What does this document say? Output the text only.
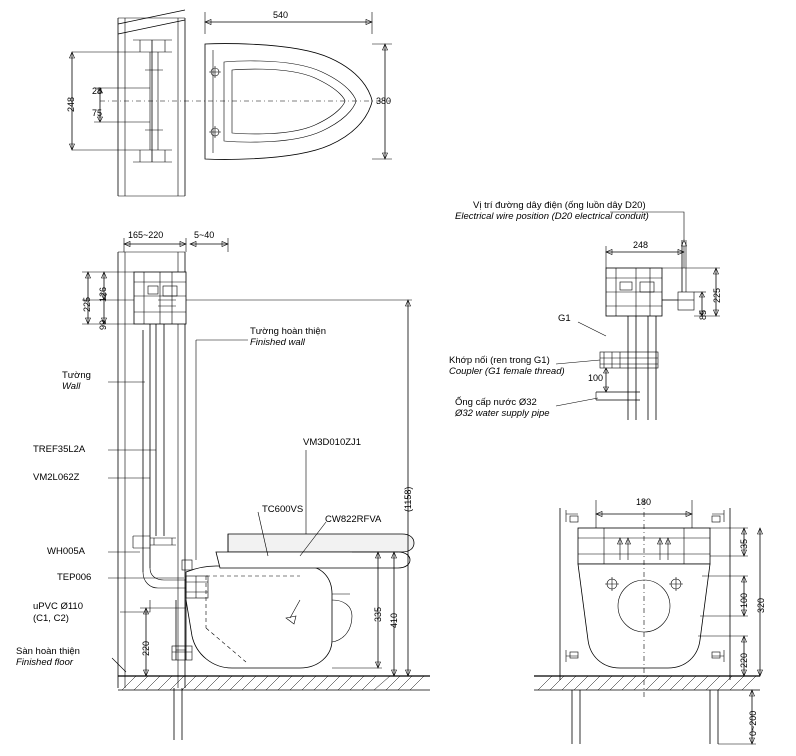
540
380
28
75
248
165~220	5~40
225
126
99
(1158)
335 410
220
Tường hoàn thiện
Finished wall
Tường
Wall
TREF35L2A
VM2L062Z
WH005A
TEP006
uPVC Ø110
(C1, C2)
Sàn hoàn thiện
Finished floor
TC600VS
VM3D010ZJ1
CW822RFVA
Vị trí đường dây điện (ống luồn dây D20)
Electrical wire position (D20 electrical conduit)
G1
Khớp nối (ren trong G1)
Coupler (G1 female thread)
Ống cấp nước Ø32
Ø32 water supply pipe
248
225
85
100
180
35
100 320
220
0~200
